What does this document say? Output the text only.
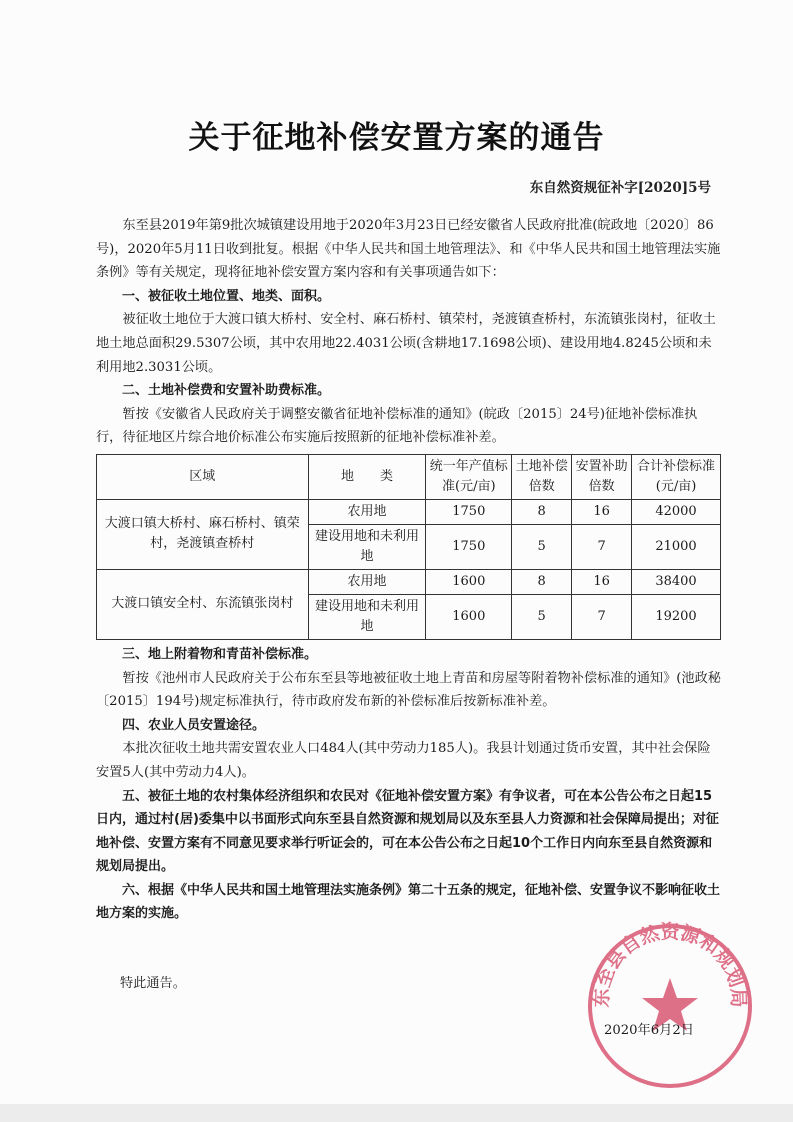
关于征地补偿安置方案的通告
东自然资规征补字[2020]5号

东至县2019年第9批次城镇建设用地于2020年3月23日已经安徽省人民政府批准(皖政地〔2020〕86号)，2020年5月11日收到批复。根据《中华人民共和国土地管理法》、和《中华人民共和国土地管理法实施条例》等有关规定，现将征地补偿安置方案内容和有关事项通告如下：

一、被征收土地位置、地类、面积。

被征收土地位于大渡口镇大桥村、安全村、麻石桥村、镇荣村，尧渡镇查桥村，东流镇张岗村，征收土地土地总面积29.5307公顷，其中农用地22.4031公顷(含耕地17.1698公顷)、建设用地4.8245公顷和未利用地2.3031公顷。

二、土地补偿费和安置补助费标准。

暂按《安徽省人民政府关于调整安徽省征地补偿标准的通知》(皖政〔2015〕24号)征地补偿标准执行，待征地区片综合地价标准公布实施后按照新的征地补偿标准补差。

区域	地　　类	统一年产值标准(元/亩)	土地补偿倍数	安置补助倍数	合计补偿标准(元/亩)
大渡口镇大桥村、麻石桥村、镇荣村，尧渡镇查桥村	农用地	1750	8	16	42000
	建设用地和未利用地	1750	5	7	21000
大渡口镇安全村、东流镇张岗村	农用地	1600	8	16	38400
	建设用地和未利用地	1600	5	7	19200

三、地上附着物和青苗补偿标准。

暂按《池州市人民政府关于公布东至县等地被征收土地上青苗和房屋等附着物补偿标准的通知》(池政秘〔2015〕194号)规定标准执行，待市政府发布新的补偿标准后按新标准补差。

四、农业人员安置途径。

本批次征收土地共需安置农业人口484人(其中劳动力185人)。我县计划通过货币安置，其中社会保险安置5人(其中劳动力4人)。

五、被征土地的农村集体经济组织和农民对《征地补偿安置方案》有争议者，可在本公告公布之日起15日内，通过村(居)委集中以书面形式向东至县自然资源和规划局以及东至县人力资源和社会保障局提出；对征地补偿、安置方案有不同意见要求举行听证会的，可在本公告公布之日起10个工作日内向东至县自然资源和规划局提出。

六、根据《中华人民共和国土地管理法实施条例》第二十五条的规定，征地补偿、安置争议不影响征收土地方案的实施。

特此通告。
东至县自然资源和规划局
2020年6月2日
